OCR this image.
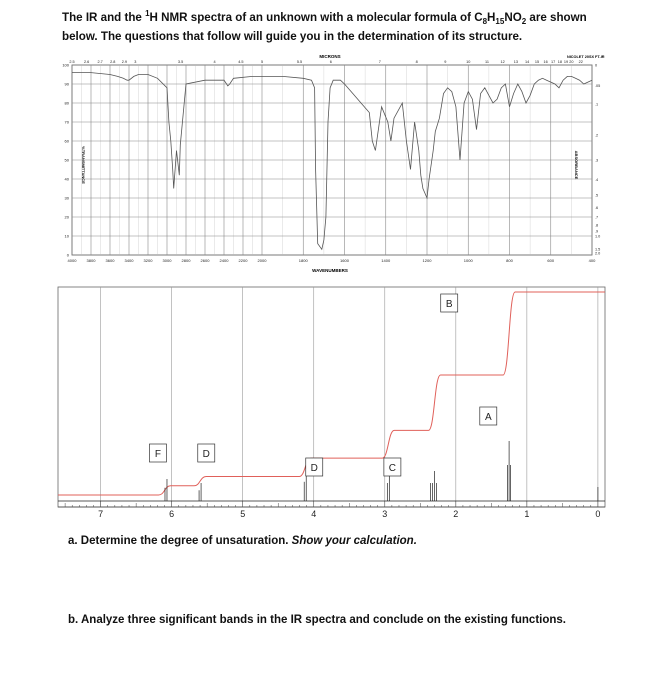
The IR and the $^1$H NMR spectra of an unknown with a molecular formula of $C_8H_{15}NO_2$ are shown below. The questions that follow will guide you in the determination of its structure.
MICRONS	NICOLET 20SX FT-IR
WAVENUMBERS
%TRANSMITTANCE	ABSORBANCE
4000	3800	3600	3400	3200	3000	2800	2600	2400	2200	2000	1800	1600	1400	1200	1000	800	600	400
100
90
80
70
60
50
40
30
20
10
0
2.5 2.6 2.7 2.8 2.9 3	3.5	4	4.5	5	5.5	6	7	8	9	10	11	12 13 14 15 16 17 18 19 20 22
0
.05
.1
.2
.3
.4
.5
.6
.7
.8
.9
1.0
1.5
2.0
F	D
D	C
B
A
7	6	5	4	3	2	1	0
a. Determine the degree of unsaturation. Show your calculation.
b. Analyze three significant bands in the IR spectra and conclude on the existing functions.
